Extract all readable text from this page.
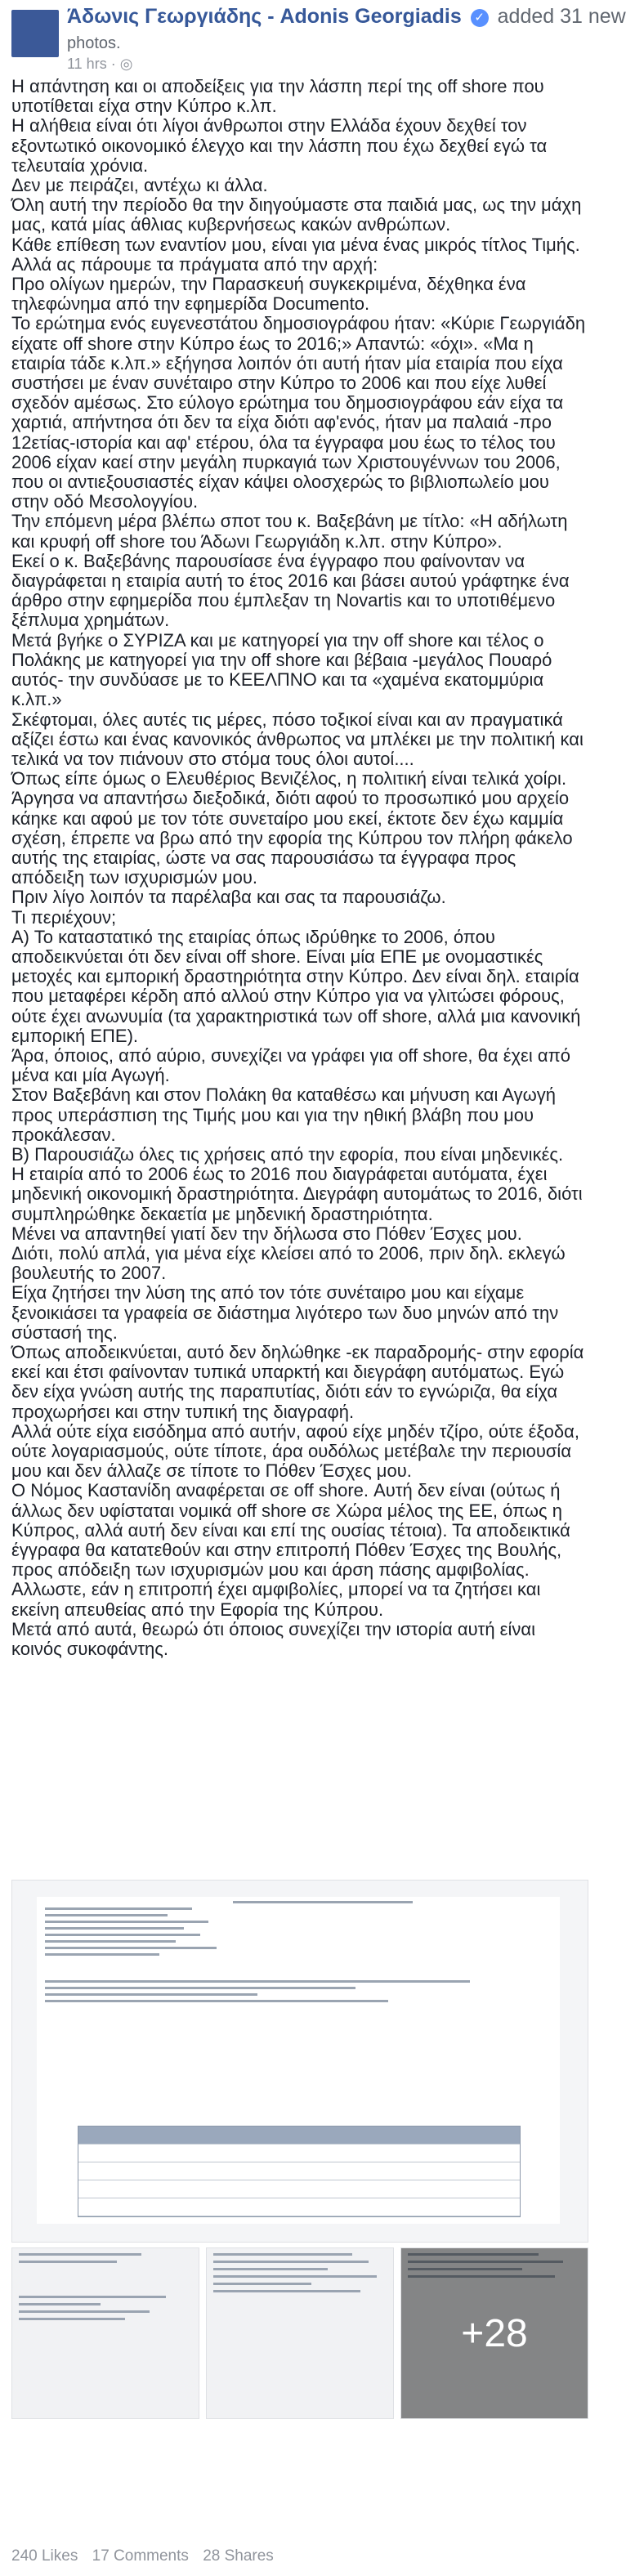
Άδωνις Γεωργιάδης - Adonis Georgiadis ✓ added 31 new
photos.
11 hrs · ◎

Η απάντηση και οι αποδείξεις για την λάσπη περί της off shore που υποτίθεται είχα στην Κύπρο κ.λπ.

Η αλήθεια είναι ότι λίγοι άνθρωποι στην Ελλάδα έχουν δεχθεί τον εξοντωτικό οικονομικό έλεγχο και την λάσπη που έχω δεχθεί εγώ τα τελευταία χρόνια.

Δεν με πειράζει, αντέχω κι άλλα.

Όλη αυτή την περίοδο θα την διηγούμαστε στα παιδιά μας, ως την μάχη μας, κατά μίας άθλιας κυβερνήσεως κακών ανθρώπων.

Κάθε επίθεση των εναντίον μου, είναι για μένα ένας μικρός τίτλος Τιμής.

Αλλά ας πάρουμε τα πράγματα από την αρχή:

Προ ολίγων ημερών, την Παρασκευή συγκεκριμένα, δέχθηκα ένα τηλεφώνημα από την εφημερίδα Documento.

Το ερώτημα ενός ευγενεστάτου δημοσιογράφου ήταν: «Κύριε Γεωργιάδη είχατε off shore στην Κύπρο έως το 2016;» Απαντώ: «όχι». «Μα η εταιρία τάδε κ.λπ.» εξήγησα λοιπόν ότι αυτή ήταν μία εταιρία που είχα συστήσει με έναν συνέταιρο στην Κύπρο το 2006 και που είχε λυθεί σχεδόν αμέσως. Στο εύλογο ερώτημα του δημοσιογράφου εάν είχα τα χαρτιά, απήντησα ότι δεν τα είχα διότι αφ'ενός, ήταν μα παλαιά -προ 12ετίας-ιστορία και αφ' ετέρου, όλα τα έγγραφα μου έως το τέλος του 2006 είχαν καεί στην μεγάλη πυρκαγιά των Χριστουγέννων του 2006, που οι αντιεξουσιαστές είχαν κάψει ολοσχερώς το βιβλιοπωλείο μου στην οδό Μεσολογγίου.

Την επόμενη μέρα βλέπω σποτ του κ. Βαξεβάνη με τίτλο: «Η αδήλωτη και κρυφή off shore του Άδωνι Γεωργιάδη κ.λπ. στην Κύπρο».

Εκεί ο κ. Βαξεβάνης παρουσίασε ένα έγγραφο που φαίνονταν να διαγράφεται η εταιρία αυτή το έτος 2016 και βάσει αυτού γράφτηκε ένα άρθρο στην εφημερίδα που έμπλεξαν τη Novartis και το υποτιθέμενο ξέπλυμα χρημάτων.

Μετά βγήκε ο ΣΥΡΙΖΑ και με κατηγορεί για την off shore και τέλος ο Πολάκης με κατηγορεί για την off shore και βέβαια -μεγάλος Πουαρό αυτός- την συνδύασε με το ΚΕΕΛΠΝΟ και τα «χαμένα εκατομμύρια κ.λπ.»

Σκέφτομαι, όλες αυτές τις μέρες, πόσο τοξικοί είναι και αν πραγματικά αξίζει έστω και ένας κανονικός άνθρωπος να μπλέκει με την πολιτική και τελικά να τον πιάνουν στο στόμα τους όλοι αυτοί....

Όπως είπε όμως ο Ελευθέριος Βενιζέλος, η πολιτική είναι τελικά χοίρι.

Άργησα να απαντήσω διεξοδικά, διότι αφού το προσωπικό μου αρχείο κάηκε και αφού με τον τότε συνεταίρο μου εκεί, έκτοτε δεν έχω καμμία σχέση, έπρεπε να βρω από την εφορία της Κύπρου τον πλήρη φάκελο αυτής της εταιρίας, ώστε να σας παρουσιάσω τα έγγραφα προς απόδειξη των ισχυρισμών μου.

Πριν λίγο λοιπόν τα παρέλαβα και σας τα παρουσιάζω.

Τι περιέχουν;

Α) Το καταστατικό της εταιρίας όπως ιδρύθηκε το 2006, όπου αποδεικνύεται ότι δεν είναι off shore. Είναι μία ΕΠΕ με ονομαστικές μετοχές και εμπορική δραστηριότητα στην Κύπρο. Δεν είναι δηλ. εταιρία που μεταφέρει κέρδη από αλλού στην Κύπρο για να γλιτώσει φόρους, ούτε έχει ανωνυμία (τα χαρακτηριστικά των off shore, αλλά μια κανονική εμπορική ΕΠΕ).

Άρα, όποιος, από αύριο, συνεχίζει να γράφει για off shore, θα έχει από μένα και μία Αγωγή.

Στον Βαξεβάνη και στον Πολάκη θα καταθέσω και μήνυση και Αγωγή προς υπεράσπιση της Τιμής μου και για την ηθική βλάβη που μου προκάλεσαν.

Β) Παρουσιάζω όλες τις χρήσεις από την εφορία, που είναι μηδενικές.

Η εταιρία από το 2006 έως το 2016 που διαγράφεται αυτόματα, έχει μηδενική οικονομική δραστηριότητα. Διεγράφη αυτομάτως το 2016, διότι συμπληρώθηκε δεκαετία με μηδενική δραστηριότητα.

Μένει να απαντηθεί γιατί δεν την δήλωσα στο Πόθεν Έσχες μου.

Διότι, πολύ απλά, για μένα είχε κλείσει από το 2006, πριν δηλ. εκλεγώ βουλευτής το 2007.

Είχα ζητήσει την λύση της από τον τότε συνέταιρο μου και είχαμε ξενοικιάσει τα γραφεία σε διάστημα λιγότερο των δυο μηνών από την σύστασή της.

Όπως αποδεικνύεται, αυτό δεν δηλώθηκε -εκ παραδρομής- στην εφορία εκεί και έτσι φαίνονταν τυπικά υπαρκτή και διεγράφη αυτόματως. Εγώ δεν είχα γνώση αυτής της παραπυτίας, διότι εάν το εγνώριζα, θα είχα προχωρήσει και στην τυπική της διαγραφή.

Αλλά ούτε είχα εισόδημα από αυτήν, αφού είχε μηδέν τζίρο, ούτε έξοδα, ούτε λογαριασμούς, ούτε τίποτε, άρα ουδόλως μετέβαλε την περιουσία μου και δεν άλλαζε σε τίποτε το Πόθεν Έσχες μου.

Ο Νόμος Καστανίδη αναφέρεται σε off shore. Αυτή δεν είναι (ούτως ή άλλως δεν υφίσταται νομικά off shore σε Χώρα μέλος της ΕΕ, όπως η Κύπρος, αλλά αυτή δεν είναι και επί της ουσίας τέτοια). Τα αποδεικτικά έγγραφα θα κατατεθούν και στην επιτροπή Πόθεν Έσχες της Βουλής, προς απόδειξη των ισχυρισμών μου και άρση πάσης αμφιβολίας. Αλλωστε, εάν η επιτροπή έχει αμφιβολίες, μπορεί να τα ζητήσει και εκείνη απευθείας από την Εφορία της Κύπρου.

Μετά από αυτά, θεωρώ ότι όποιος συνεχίζει την ιστορία αυτή είναι κοινός συκοφάντης.

+28
240 Likes 17 Comments 28 Shares
